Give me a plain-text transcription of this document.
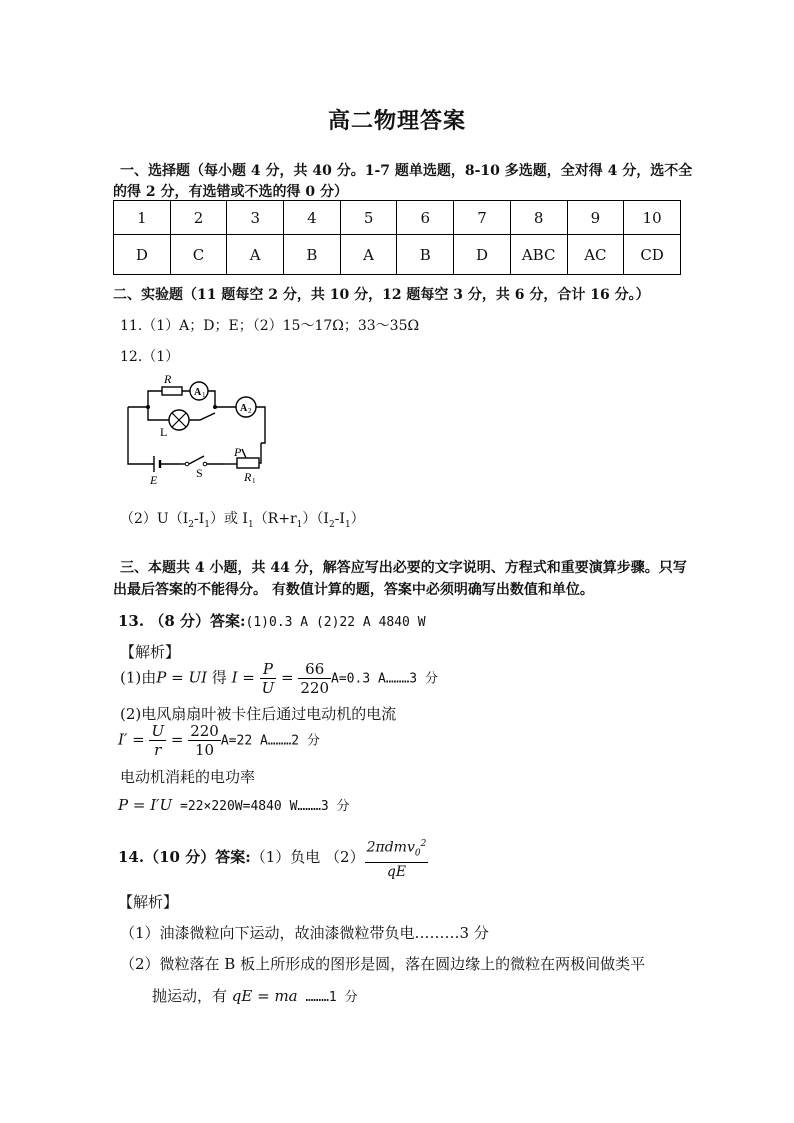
高二物理答案
一、选择题（每小题 4 分，共 40 分。1-7 题单选题，8-10 多选题，全对得 4 分，选不全
的得 2 分，有选错或不选的得 0 分）
1	2	3	4	5	6	7	8	9	10
D	C	A	B	A	B	D	ABC	AC	CD
二、实验题（11 题每空 2 分，共 10 分，12 题每空 3 分，共 6 分，合计 16 分。）
11.（1）A；D；E；（2）15～17Ω；33～35Ω
12.（1）
R
A 1
A 2
L
E	S
P
R 1
$(2)U(I_2-I_1)$或 $I_1(R+r_1)(I_2-I_1)$
三、本题共 4 小题，共 44 分，解答应写出必要的文字说明、方程式和重要演算步骤。只写
出最后答案的不能得分。 有数值计算的题，答案中必须明确写出数值和单位。
13. （8 分）答案:(1)0.3 A (2)22 A 4840 W
【解析】
(1)由P = UI 得 $I = \frac{P}{U} = \frac{66}{220} A=0.3$ A………3 分
(2)电风扇扇叶被卡住后通过电动机的电流
$I' = \frac{U}{r} = \frac{220}{10} A=22$ A………2 分
电动机消耗的电功率
P = I′U =22×220W=4840 W………3 分
14.（10 分）答案:（1）负电 $(2) \frac{2\pi dmv_0^2}{qE}$
【解析】
（1）油漆微粒向下运动，故油漆微粒带负电………3 分
（2）微粒落在 B 板上所形成的图形是圆，落在圆边缘上的微粒在两极间做类平
抛运动，有 qE = ma ………1 分
